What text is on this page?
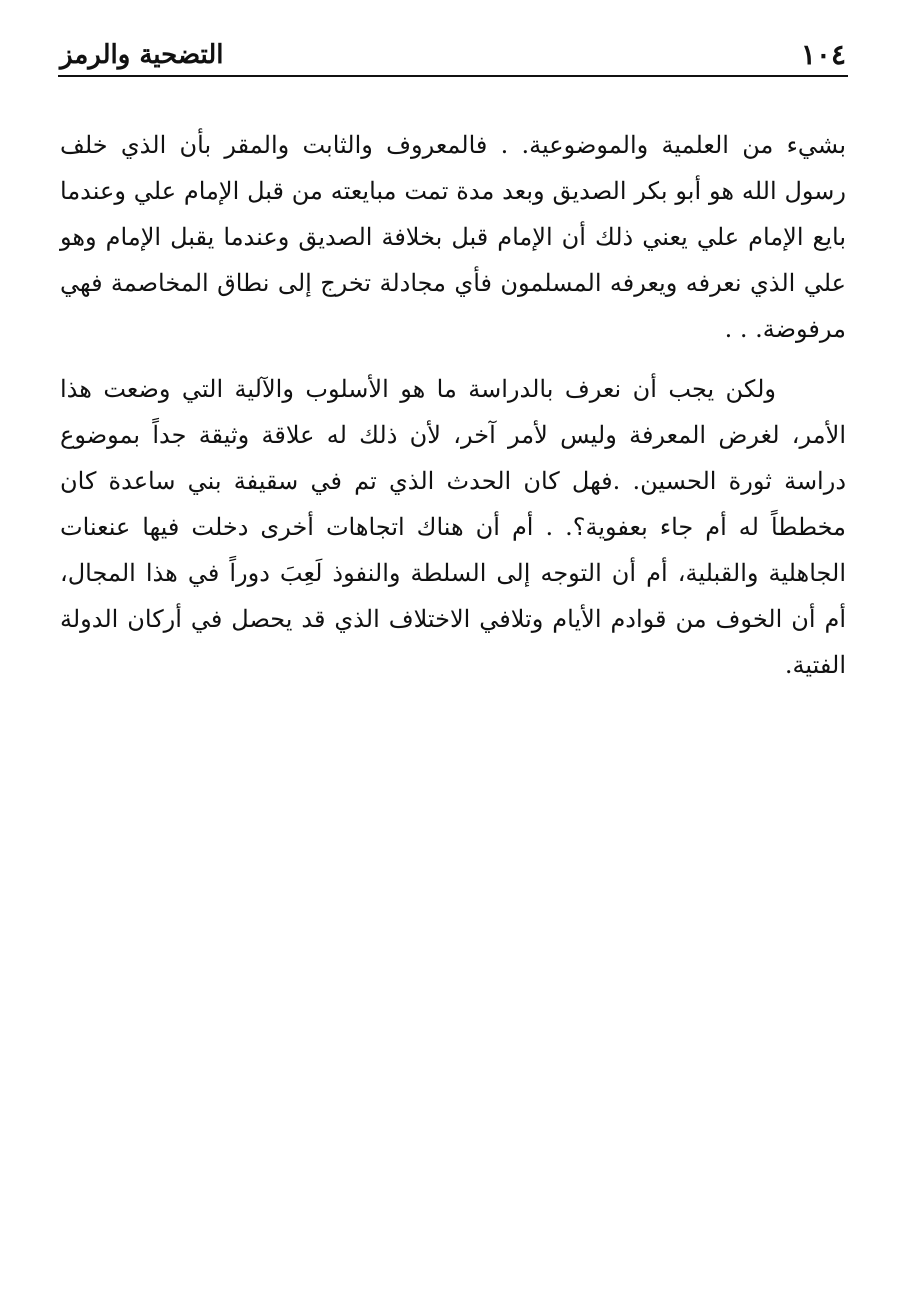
١٠٤
التضحية والرمز

بشيء من العلمية والموضوعية. . فالمعروف والثابت والمقر بأن الذي خلف رسول الله هو أبو بكر الصديق وبعد مدة تمت مبايعته من قبل الإمام علي وعندما بايع الإمام علي يعني ذلك أن الإمام قبل بخلافة الصديق وعندما يقبل الإمام وهو علي الذي نعرفه ويعرفه المسلمون فأي مجادلة تخرج إلى نطاق المخاصمة فهي مرفوضة. . .

ولكن يجب أن نعرف بالدراسة ما هو الأسلوب والآلية التي وضعت هذا الأمر، لغرض المعرفة وليس لأمر آخر، لأن ذلك له علاقة وثيقة جداً بموضوع دراسة ثورة الحسين. .فهل كان الحدث الذي تم في سقيفة بني ساعدة كان مخططاً له أم جاء بعفوية؟. . أم أن هناك اتجاهات أخرى دخلت فيها عنعنات الجاهلية والقبلية، أم أن التوجه إلى السلطة والنفوذ لَعِبَ دوراً في هذا المجال، أم أن الخوف من قوادم الأيام وتلافي الاختلاف الذي قد يحصل في أركان الدولة الفتية.
